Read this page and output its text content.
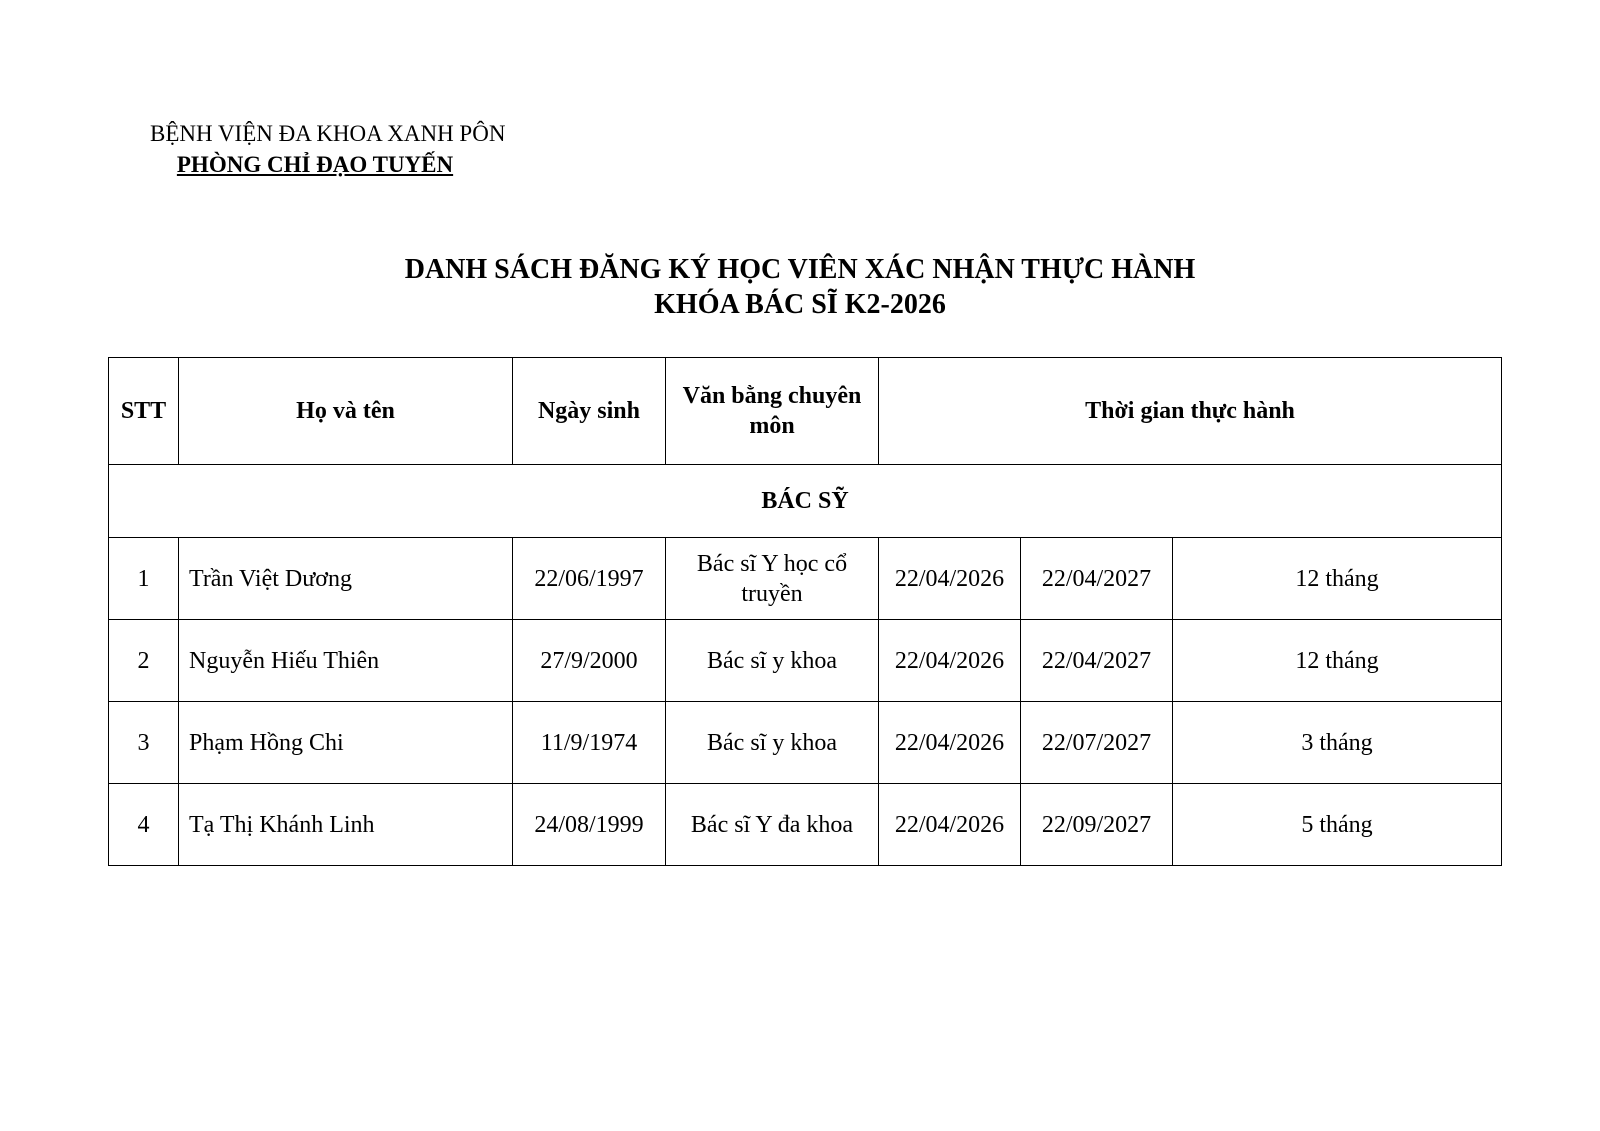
BỆNH VIỆN ĐA KHOA XANH PÔN
PHÒNG CHỈ ĐẠO TUYẾN
DANH SÁCH ĐĂNG KÝ HỌC VIÊN XÁC NHẬN THỰC HÀNH
KHÓA BÁC SĨ K2-2026
STT	Họ và tên	Ngày sinh	Văn bằng chuyên môn	Thời gian thực hành		
BÁC SỸ						
1	Trần Việt Dương	22/06/1997	Bác sĩ Y học cổ truyền	22/04/2026	22/04/2027	12 tháng
2	Nguyễn Hiếu Thiên	27/9/2000	Bác sĩ y khoa	22/04/2026	22/04/2027	12 tháng
3	Phạm Hồng Chi	11/9/1974	Bác sĩ y khoa	22/04/2026	22/07/2027	3 tháng
4	Tạ Thị Khánh Linh	24/08/1999	Bác sĩ Y đa khoa	22/04/2026	22/09/2027	5 tháng
